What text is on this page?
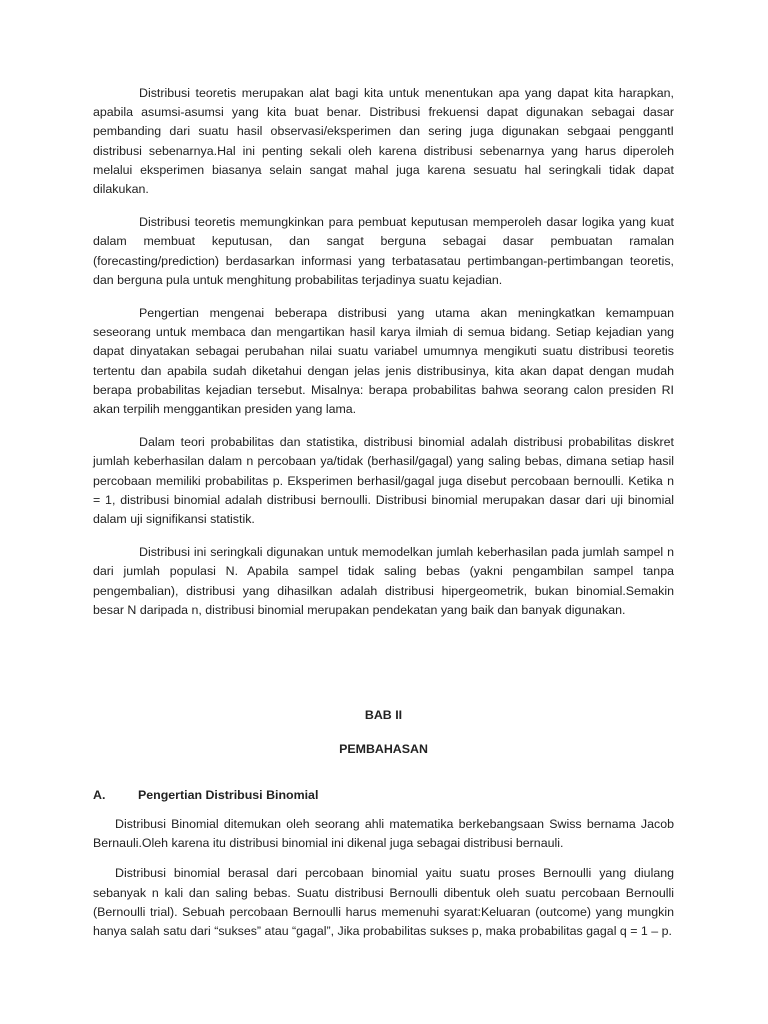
Distribusi teoretis merupakan alat bagi kita untuk menentukan apa yang dapat kita harapkan, apabila asumsi-asumsi yang kita buat benar. Distribusi frekuensi dapat digunakan sebagai dasar pembanding dari suatu hasil observasi/eksperimen dan sering juga digunakan sebgaai penggantI distribusi sebenarnya.Hal ini penting sekali oleh karena distribusi sebenarnya yang harus diperoleh melalui eksperimen biasanya selain sangat mahal juga karena sesuatu hal seringkali tidak dapat dilakukan.

Distribusi teoretis memungkinkan para pembuat keputusan memperoleh dasar logika yang kuat dalam membuat keputusan, dan sangat berguna sebagai dasar pembuatan ramalan (forecasting/prediction) berdasarkan informasi yang terbatasatau pertimbangan-pertimbangan teoretis, dan berguna pula untuk menghitung probabilitas terjadinya suatu kejadian.

Pengertian mengenai beberapa distribusi yang utama akan meningkatkan kemampuan seseorang untuk membaca dan mengartikan hasil karya ilmiah di semua bidang. Setiap kejadian yang dapat dinyatakan sebagai perubahan nilai suatu variabel umumnya mengikuti suatu distribusi teoretis tertentu dan apabila sudah diketahui dengan jelas jenis distribusinya, kita akan dapat dengan mudah berapa probabilitas kejadian tersebut. Misalnya: berapa probabilitas bahwa seorang calon presiden RI akan terpilih menggantikan presiden yang lama.

Dalam teori probabilitas dan statistika, distribusi binomial adalah distribusi probabilitas diskret jumlah keberhasilan dalam n percobaan ya/tidak (berhasil/gagal) yang saling bebas, dimana setiap hasil percobaan memiliki probabilitas p. Eksperimen berhasil/gagal juga disebut percobaan bernoulli. Ketika n = 1, distribusi binomial adalah distribusi bernoulli. Distribusi binomial merupakan dasar dari uji binomial dalam uji signifikansi statistik.

Distribusi ini seringkali digunakan untuk memodelkan jumlah keberhasilan pada jumlah sampel n dari jumlah populasi N. Apabila sampel tidak saling bebas (yakni pengambilan sampel tanpa pengembalian), distribusi yang dihasilkan adalah distribusi hipergeometrik, bukan binomial.Semakin besar N daripada n, distribusi binomial merupakan pendekatan yang baik dan banyak digunakan.

BAB II

PEMBAHASAN

A.	Pengertian Distribusi Binomial

Distribusi Binomial ditemukan oleh seorang ahli matematika berkebangsaan Swiss bernama Jacob Bernauli.Oleh karena itu distribusi binomial ini dikenal juga sebagai distribusi bernauli.

Distribusi binomial berasal dari percobaan binomial yaitu suatu proses Bernoulli yang diulang sebanyak n kali dan saling bebas. Suatu distribusi Bernoulli dibentuk oleh suatu percobaan Bernoulli (Bernoulli trial). Sebuah percobaan Bernoulli harus memenuhi syarat:Keluaran (outcome) yang mungkin hanya salah satu dari “sukses” atau “gagal”, Jika probabilitas sukses p, maka probabilitas gagal q = 1 – p.
